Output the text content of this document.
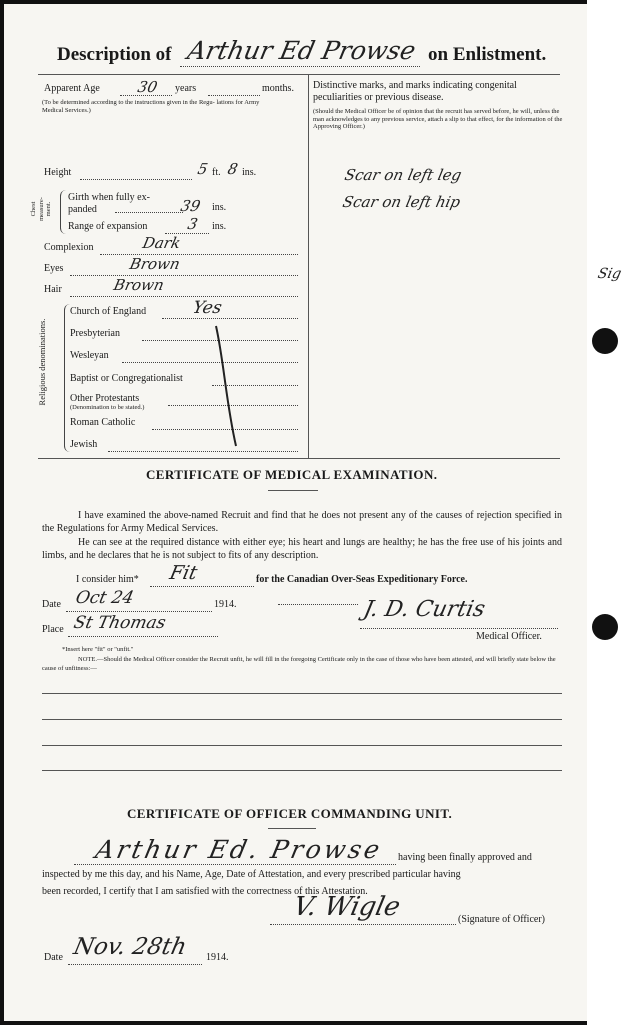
Sig
Description of Arthur Ed Prowse on Enlistment.
Apparent Age 30 years	months.
(To be determined according to the instructions given in the Regu- lations for Army Medical Services.)
Distinctive marks, and marks indicating congenital peculiarities or previous disease.
(Should the Medical Officer be of opinion that the recruit has served before, he will, unless the man acknowledges to any previous service, attach a slip to that effect, for the information of the Approving Officer.)
Scar on left leg
Scar on left hip
Height	5 ft. 8 ins.
Chest measure- ment.
Girth when fully ex- panded	39 ins.
Range of expansion	3 ins.
Complexion	Dark
Eyes	Brown
Hair	Brown
Religious denominations.
Church of England	Yes
Presbyterian
Wesleyan
Baptist or Congregationalist
Other Protestants
(Denomination to be stated.)
Roman Catholic
Jewish
CERTIFICATE OF MEDICAL EXAMINATION.
I have examined the above-named Recruit and find that he does not present any of the causes of rejection specified in the Regulations for Army Medical Services.
He can see at the required distance with either eye; his heart and lungs are healthy; he has the free use of his joints and limbs, and he declares that he is not subject to fits of any description.
I consider him* Fit	for the Canadian Over-Seas Expeditionary Force.
Date Oct 24	1914.
Place St Thomas
J. D. Curtis
Medical Officer.
*Insert here "fit" or "unfit."
NOTE.—Should the Medical Officer consider the Recruit unfit, he will fill in the foregoing Certificate only in the case of those who have been attested, and will briefly state below the cause of unfitness:—
CERTIFICATE OF OFFICER COMMANDING UNIT.
Arthur Ed. Prowse having been finally approved and
inspected by me this day, and his Name, Age, Date of Attestation, and every prescribed particular having
been recorded, I certify that I am satisfied with the correctness of this Attestation.
V. Wigle	(Signature of Officer)
Date Nov. 28th 1914.
